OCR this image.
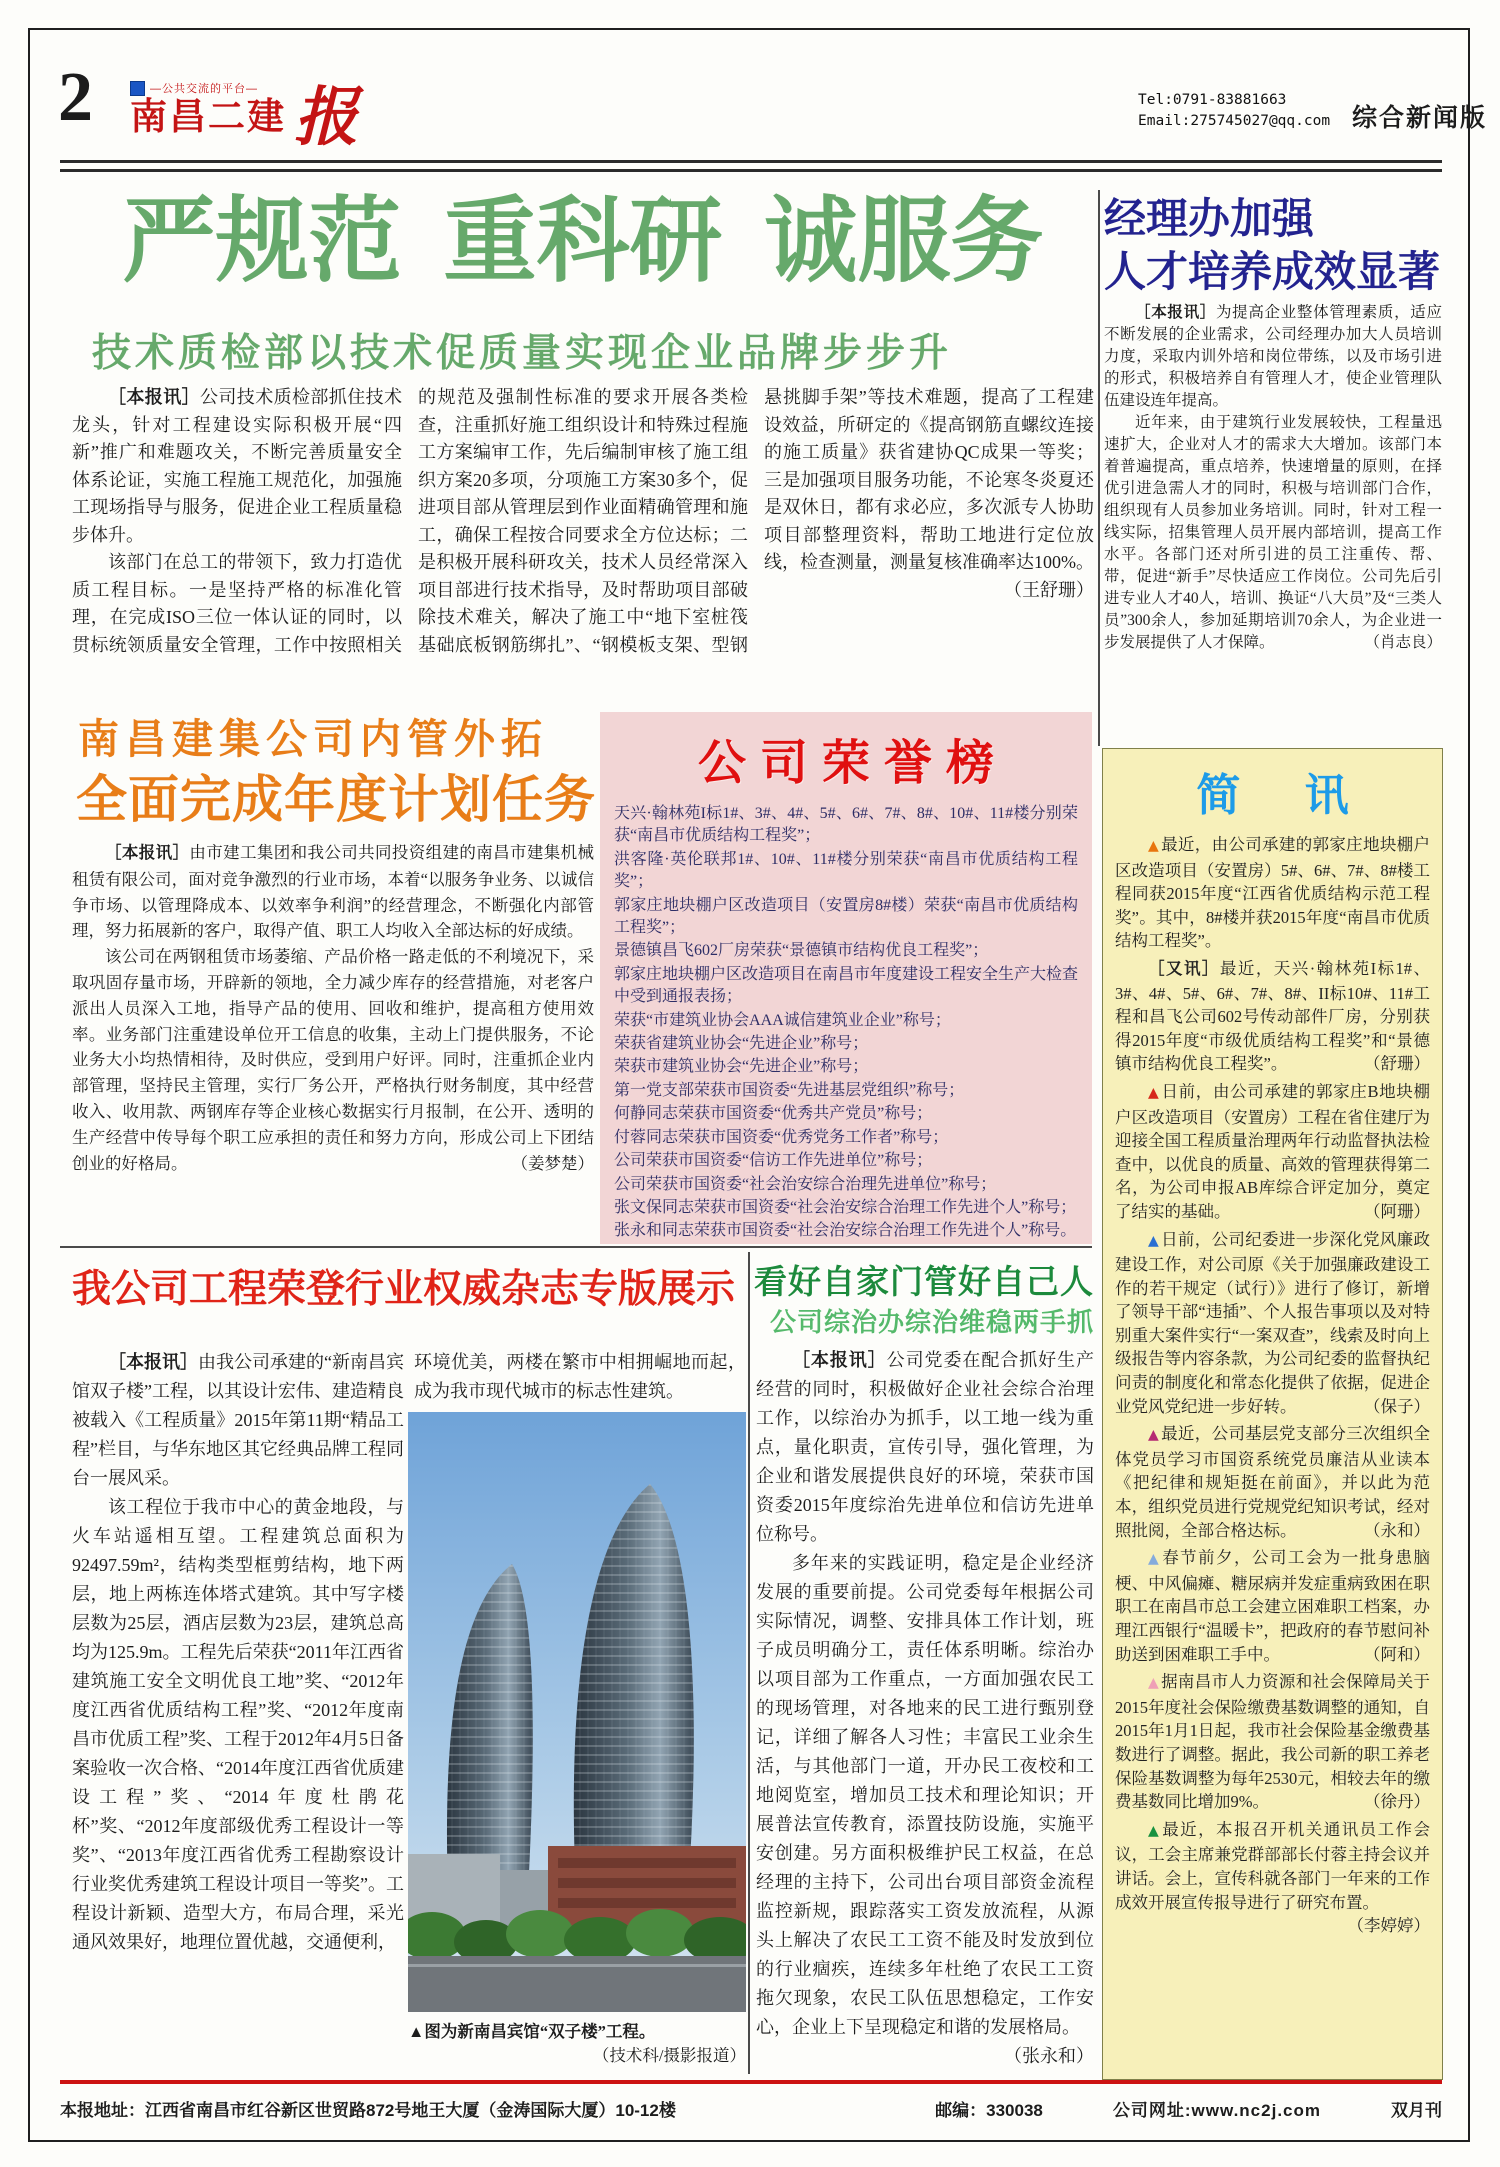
2	—公共交流的平台—
南昌二建 报	Tel:0791-83881663
Email:275745027@qq.com 综合新闻版
严规范 重科研 诚服务
技术质检部以技术促质量实现企业品牌步步升

［本报讯］公司技术质检部抓住技术龙头，针对工程建设实际积极开展“四新”推广和难题攻关，不断完善质量安全体系论证，实施工程施工规范化，加强施工现场指导与服务，促进企业工程质量稳步体升。

该部门在总工的带领下，致力打造优质工程目标。一是坚持严格的标准化管理，在完成ISO三位一体认证的同时，以贯标统领质量安全管理，工作中按照相关的规范及强制性标准的要求开展各类检查，注重抓好施工组织设计和特殊过程施工方案编审工作，先后编制审核了施工组织方案20多项，分项施工方案30多个，促进项目部从管理层到作业面精确管理和施工，确保工程按合同要求全方位达标；二是积极开展科研攻关，技术人员经常深入项目部进行技术指导，及时帮助项目部破除技术难关，解决了施工中“地下室桩筏基础底板钢筋绑扎”、“钢模板支架、型钢悬挑脚手架”等技术难题，提高了工程建设效益，所研定的《提高钢筋直螺纹连接的施工质量》获省建协QC成果一等奖；三是加强项目服务功能，不论寒冬炎夏还是双休日，都有求必应，多次派专人协助项目部整理资料，帮助工地进行定位放线，检查测量，测量复核准确率达100%。
（王舒珊）

南昌建集公司内管外拓
全面完成年度计划任务

［本报讯］由市建工集团和我公司共同投资组建的南昌市建集机械租赁有限公司，面对竞争激烈的行业市场，本着“以服务争业务、以诚信争市场、以管理降成本、以效率争利润”的经营理念，不断强化内部管理，努力拓展新的客户，取得产值、职工人均收入全部达标的好成绩。

该公司在两钢租赁市场萎缩、产品价格一路走低的不利境况下，采取巩固存量市场，开辟新的领地，全力减少库存的经营措施，对老客户派出人员深入工地，指导产品的使用、回收和维护，提高租方使用效率。业务部门注重建设单位开工信息的收集，主动上门提供服务，不论业务大小均热情相待，及时供应，受到用户好评。同时，注重抓企业内部管理，坚持民主管理，实行厂务公开，严格执行财务制度，其中经营收入、收用款、两钢库存等企业核心数据实行月报制，在公开、透明的生产经营中传导每个职工应承担的责任和努力方向，形成公司上下团结创业的好格局。	（姜梦楚）

公司荣誉榜

天兴·翰林苑I标1#、3#、4#、5#、6#、7#、8#、10#、11#楼分别荣获“南昌市优质结构工程奖”；

洪客隆·英伦联邦1#、10#、11#楼分别荣获“南昌市优质结构工程奖”；

郭家庄地块棚户区改造项目（安置房8#楼）荣获“南昌市优质结构工程奖”；

景德镇昌飞602厂房荣获“景德镇市结构优良工程奖”；

郭家庄地块棚户区改造项目在南昌市年度建设工程安全生产大检查中受到通报表扬；

荣获“市建筑业协会AAA诚信建筑业企业”称号；

荣获省建筑业协会“先进企业”称号；

荣获市建筑业协会“先进企业”称号；

第一党支部荣获市国资委“先进基层党组织”称号；

何静同志荣获市国资委“优秀共产党员”称号；

付蓉同志荣获市国资委“优秀党务工作者”称号；

公司荣获市国资委“信访工作先进单位”称号；

公司荣获市国资委“社会治安综合治理先进单位”称号；

张文保同志荣获市国资委“社会治安综合治理工作先进个人”称号；

张永和同志荣获市国资委“社会治安综合治理工作先进个人”称号。

我公司工程荣登行业权威杂志专版展示

［本报讯］由我公司承建的“新南昌宾馆双子楼”工程，以其设计宏伟、建造精良被载入《工程质量》2015年第11期“精品工程”栏目，与华东地区其它经典品牌工程同台一展风采。

该工程位于我市中心的黄金地段，与火车站遥相互望。工程建筑总面积为92497.59m²，结构类型框剪结构，地下两层，地上两栋连体塔式建筑。其中写字楼层数为25层，酒店层数为23层，建筑总高均为125.9m。工程先后荣获“2011年江西省建筑施工安全文明优良工地”奖、“2012年度江西省优质结构工程”奖、“2012年度南昌市优质工程”奖、工程于2012年4月5日备案验收一次合格、“2014年度江西省优质建设工程”奖、“2014年度杜鹃花杯”奖、“2012年度部级优秀工程设计一等奖”、“2013年度江西省优秀工程勘察设计行业奖优秀建筑工程设计项目一等奖”。工程设计新颖、造型大方，布局合理，采光通风效果好，地理位置优越，交通便利，

环境优美，两楼在繁市中相拥崛地而起，成为我市现代城市的标志性建筑。

▲图为新南昌宾馆“双子楼”工程。

（技术科/摄影报道）

看好自家门管好自己人
公司综治办综治维稳两手抓

［本报讯］公司党委在配合抓好生产经营的同时，积极做好企业社会综合治理工作，以综治办为抓手，以工地一线为重点，量化职责，宣传引导，强化管理，为企业和谐发展提供良好的环境，荣获市国资委2015年度综治先进单位和信访先进单位称号。

多年来的实践证明，稳定是企业经济发展的重要前提。公司党委每年根据公司实际情况，调整、安排具体工作计划，班子成员明确分工，责任体系明晰。综治办以项目部为工作重点，一方面加强农民工的现场管理，对各地来的民工进行甄别登记，详细了解各人习性；丰富民工业余生活，与其他部门一道，开办民工夜校和工地阅览室，增加员工技术和理论知识；开展普法宣传教育，添置技防设施，实施平安创建。另方面积极维护民工权益，在总经理的主持下，公司出台项目部资金流程监控新规，跟踪落实工资发放流程，从源头上解决了农民工工资不能及时发放到位的行业痼疾，连续多年杜绝了农民工工资拖欠现象，农民工队伍思想稳定，工作安心，企业上下呈现稳定和谐的发展格局。
（张永和）

经理办加强
人才培养成效显著

［本报讯］为提高企业整体管理素质，适应不断发展的企业需求，公司经理办加大人员培训力度，采取内训外培和岗位带练，以及市场引进的形式，积极培养自有管理人才，使企业管理队伍建设连年提高。

近年来，由于建筑行业发展较快，工程量迅速扩大，企业对人才的需求大大增加。该部门本着普遍提高，重点培养，快速增量的原则，在择优引进急需人才的同时，积极与培训部门合作，组织现有人员参加业务培训。同时，针对工程一线实际，招集管理人员开展内部培训，提高工作水平。各部门还对所引进的员工注重传、帮、带，促进“新手”尽快适应工作岗位。公司先后引进专业人才40人，培训、换证“八大员”及“三类人员”300余人，参加延期培训70余人，为企业进一步发展提供了人才保障。	（肖志良）

简 讯

▲ 最近，由公司承建的郭家庄地块棚户区改造项目（安置房）5#、6#、7#、8#楼工程同获2015年度“江西省优质结构示范工程奖”。其中，8#楼并获2015年度“南昌市优质结构工程奖”。

［又讯］最近，天兴·翰林苑I标1#、3#、4#、5#、6#、7#、8#、II标10#、11#工程和昌飞公司602号传动部件厂房，分别获得2015年度“市级优质结构工程奖”和“景德镇市结构优良工程奖”。	（舒珊）

▲ 日前，由公司承建的郭家庄B地块棚户区改造项目（安置房）工程在省住建厅为迎接全国工程质量治理两年行动监督执法检查中，以优良的质量、高效的管理获得第二名，为公司申报AB库综合评定加分，奠定了结实的基础。	（阿珊）

▲ 日前，公司纪委进一步深化党风廉政建设工作，对公司原《关于加强廉政建设工作的若干规定（试行）》进行了修订，新增了领导干部“违插”、个人报告事项以及对特别重大案件实行“一案双查”，线索及时向上级报告等内容条款，为公司纪委的监督执纪问责的制度化和常态化提供了依据，促进企业党风党纪进一步好转。	（保子）

▲ 最近，公司基层党支部分三次组织全体党员学习市国资系统党员廉洁从业读本《把纪律和规矩挺在前面》，并以此为范本，组织党员进行党规党纪知识考试，经对照批阅，全部合格达标。	（永和）

▲ 春节前夕，公司工会为一批身患脑梗、中风偏瘫、糖尿病并发症重病致困在职职工在南昌市总工会建立困难职工档案，办理江西银行“温暖卡”，把政府的春节慰问补助送到困难职工手中。	（阿和）

▲ 据南昌市人力资源和社会保障局关于2015年度社会保险缴费基数调整的通知，自2015年1月1日起，我市社会保险基金缴费基数进行了调整。据此，我公司新的职工养老保险基数调整为每年2530元，相较去年的缴费基数同比增加9%。	（徐丹）

▲ 最近，本报召开机关通讯员工作会议，工会主席兼党群部部长付蓉主持会议并讲话。会上，宣传科就各部门一年来的工作成效开展宣传报导进行了研究布置。
（李婷婷）

本报地址：江西省南昌市红谷新区世贸路872号地王大厦（金涛国际大厦）10-12楼	邮编：330038	公司网址:www.nc2j.com	双月刊
